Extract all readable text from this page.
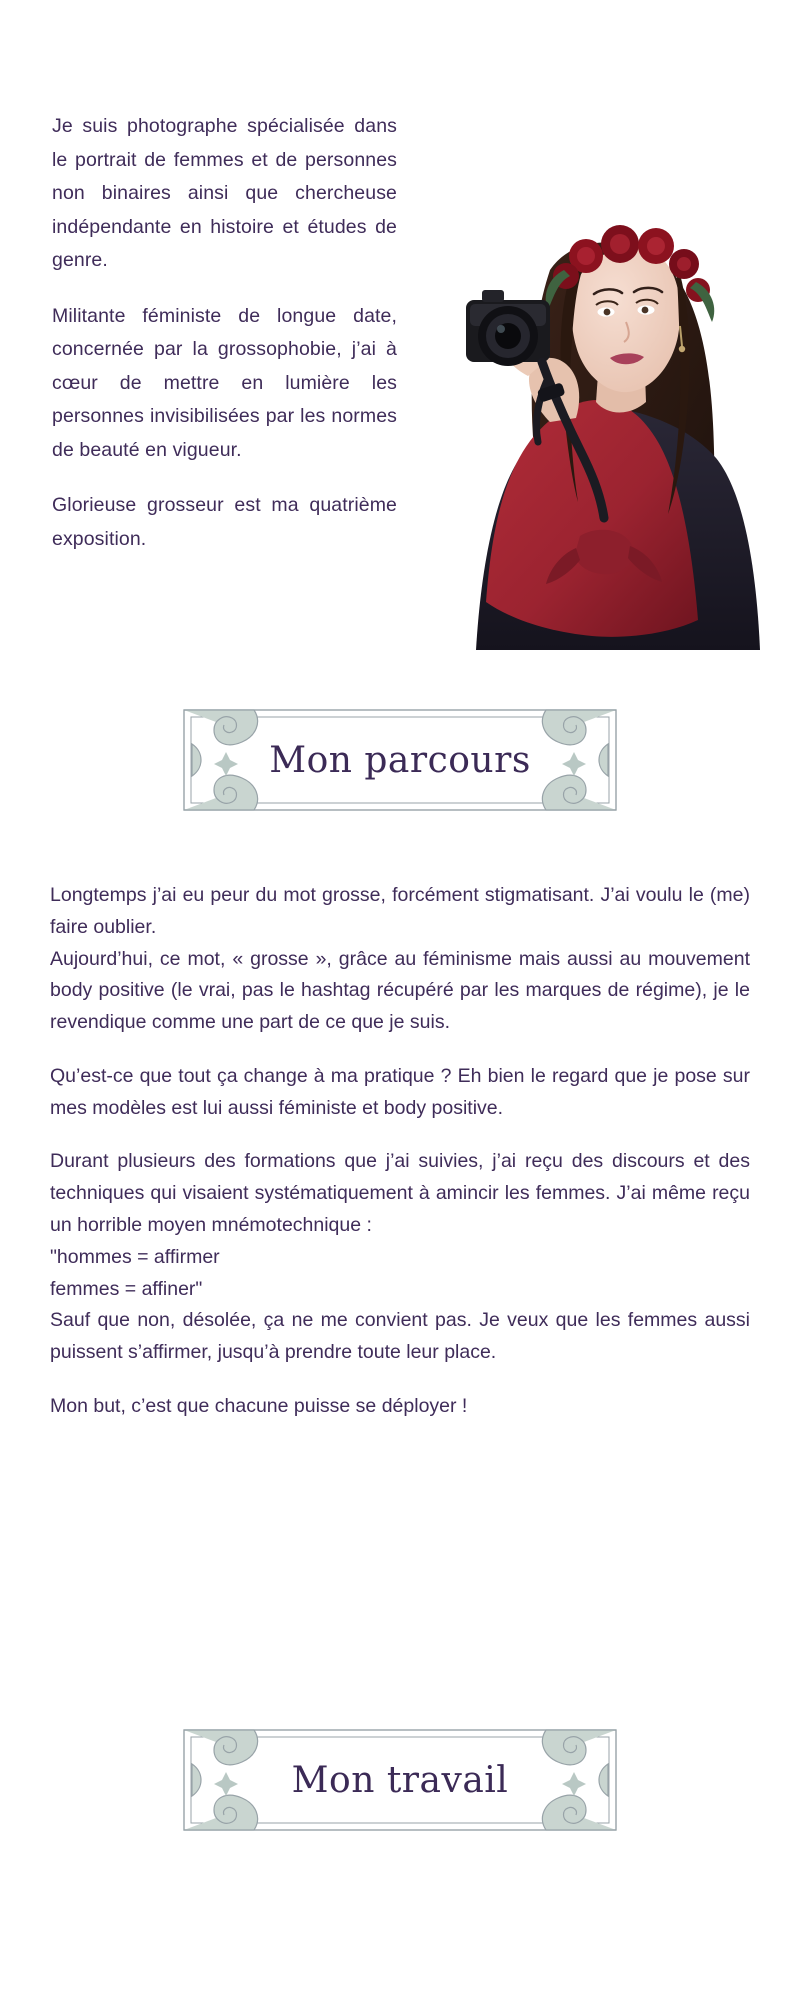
Je suis photographe spécialisée dans le portrait de femmes et de personnes non binaires ainsi que chercheuse indépendante en histoire et études de genre.

Militante féministe de longue date, concernée par la grossophobie, j’ai à cœur de mettre en lumière les personnes invisibilisées par les normes de beauté en vigueur.

Glorieuse grosseur est ma quatrième exposition.

Mon parcours

Longtemps j’ai eu peur du mot grosse, forcément stigmatisant. J’ai voulu le (me) faire oublier.

Aujourd’hui, ce mot, « grosse », grâce au féminisme mais aussi au mouvement body positive (le vrai, pas le hashtag récupéré par les marques de régime), je le revendique comme une part de ce que je suis.

Qu’est-ce que tout ça change à ma pratique ? Eh bien le regard que je pose sur mes modèles est lui aussi féministe et body positive.

Durant plusieurs des formations que j’ai suivies, j’ai reçu des discours et des techniques qui visaient systématiquement à amincir les femmes. J’ai même reçu un horrible moyen mnémotechnique :

"hommes = affirmer

femmes = affiner"

Sauf que non, désolée, ça ne me convient pas. Je veux que les femmes aussi puissent s’affirmer, jusqu’à prendre toute leur place.

Mon but, c’est que chacune puisse se déployer !

Mon travail
